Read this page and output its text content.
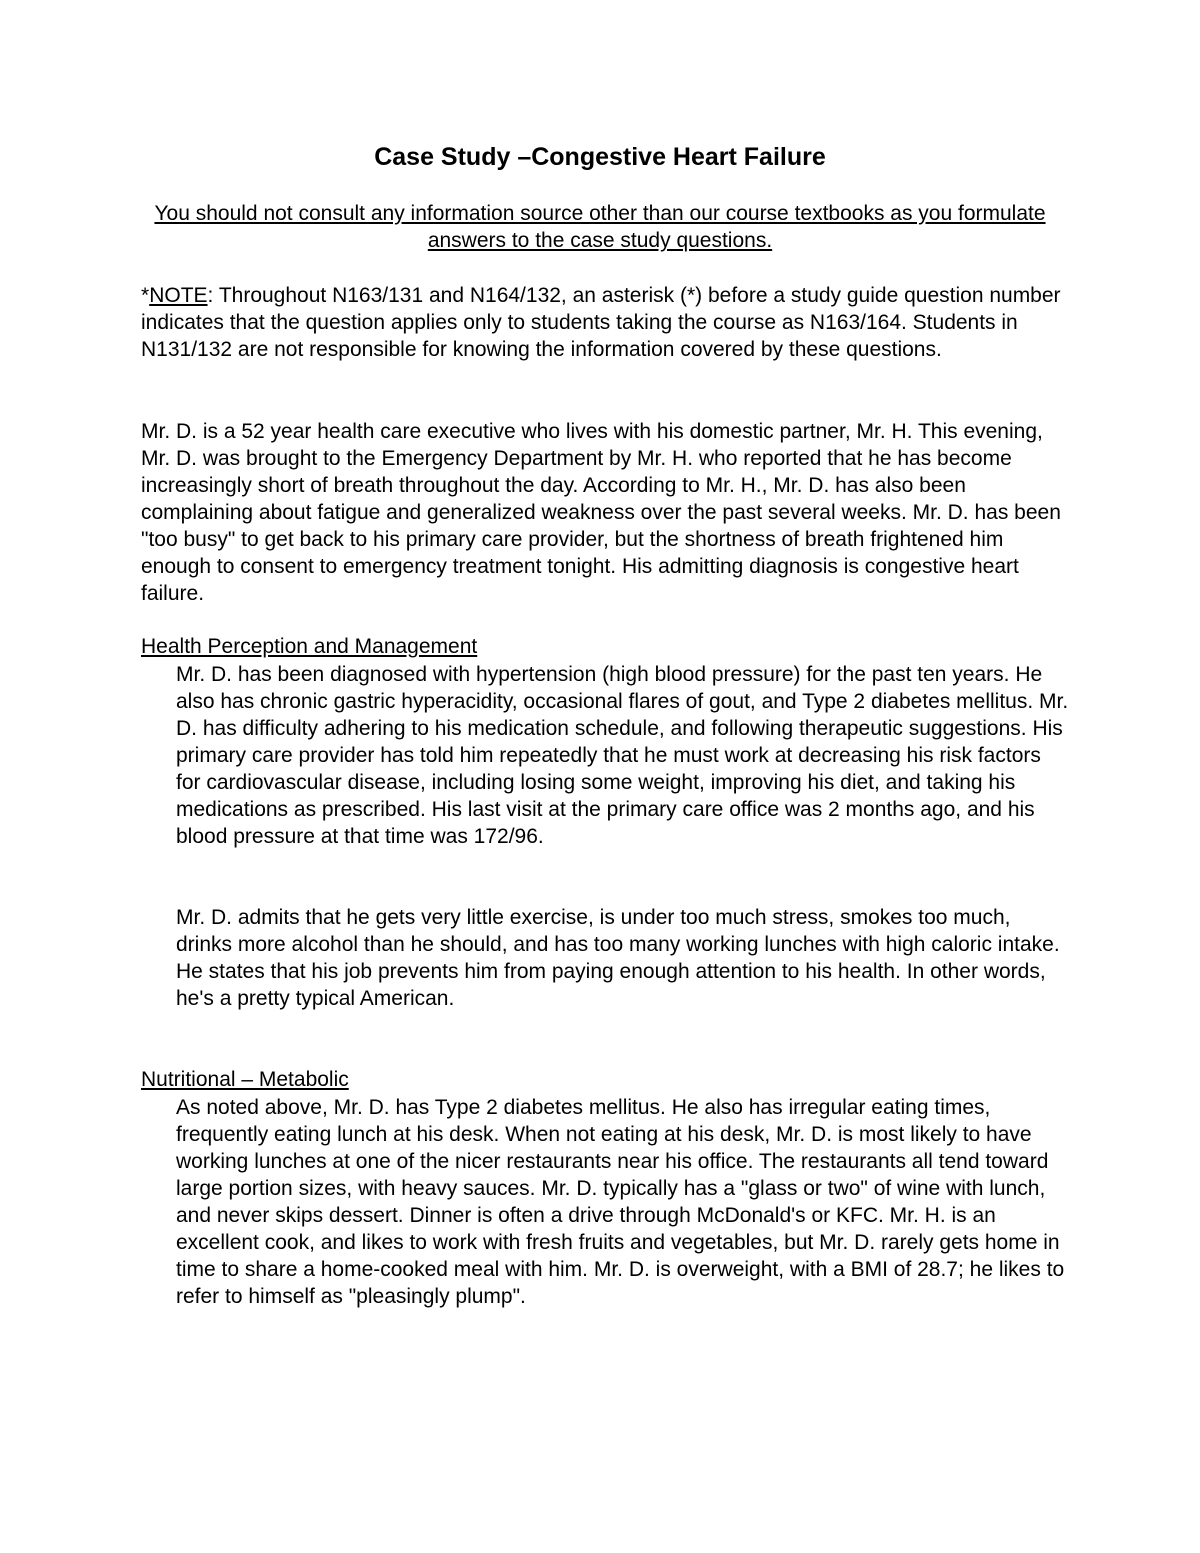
Case Study –Congestive Heart Failure
You should not consult any information source other than our course textbooks as you formulate answers to the case study questions.
*NOTE: Throughout N163/131 and N164/132, an asterisk (*) before a study guide question number indicates that the question applies only to students taking the course as N163/164. Students in N131/132 are not responsible for knowing the information covered by these questions.
Mr. D. is a 52 year health care executive who lives with his domestic partner, Mr. H. This evening, Mr. D. was brought to the Emergency Department by Mr. H. who reported that he has become increasingly short of breath throughout the day. According to Mr. H., Mr. D. has also been complaining about fatigue and generalized weakness over the past several weeks. Mr. D. has been "too busy" to get back to his primary care provider, but the shortness of breath frightened him enough to consent to emergency treatment tonight. His admitting diagnosis is congestive heart failure.
Health Perception and Management
Mr. D. has been diagnosed with hypertension (high blood pressure) for the past ten years. He also has chronic gastric hyperacidity, occasional flares of gout, and Type 2 diabetes mellitus. Mr. D. has difficulty adhering to his medication schedule, and following therapeutic suggestions. His primary care provider has told him repeatedly that he must work at decreasing his risk factors for cardiovascular disease, including losing some weight, improving his diet, and taking his medications as prescribed. His last visit at the primary care office was 2 months ago, and his blood pressure at that time was 172/96.
Mr. D. admits that he gets very little exercise, is under too much stress, smokes too much, drinks more alcohol than he should, and has too many working lunches with high caloric intake. He states that his job prevents him from paying enough attention to his health. In other words, he's a pretty typical American.
Nutritional – Metabolic
As noted above, Mr. D. has Type 2 diabetes mellitus. He also has irregular eating times, frequently eating lunch at his desk. When not eating at his desk, Mr. D. is most likely to have working lunches at one of the nicer restaurants near his office. The restaurants all tend toward large portion sizes, with heavy sauces. Mr. D. typically has a "glass or two" of wine with lunch, and never skips dessert. Dinner is often a drive through McDonald's or KFC. Mr. H. is an excellent cook, and likes to work with fresh fruits and vegetables, but Mr. D. rarely gets home in time to share a home-cooked meal with him. Mr. D. is overweight, with a BMI of 28.7; he likes to refer to himself as "pleasingly plump".
